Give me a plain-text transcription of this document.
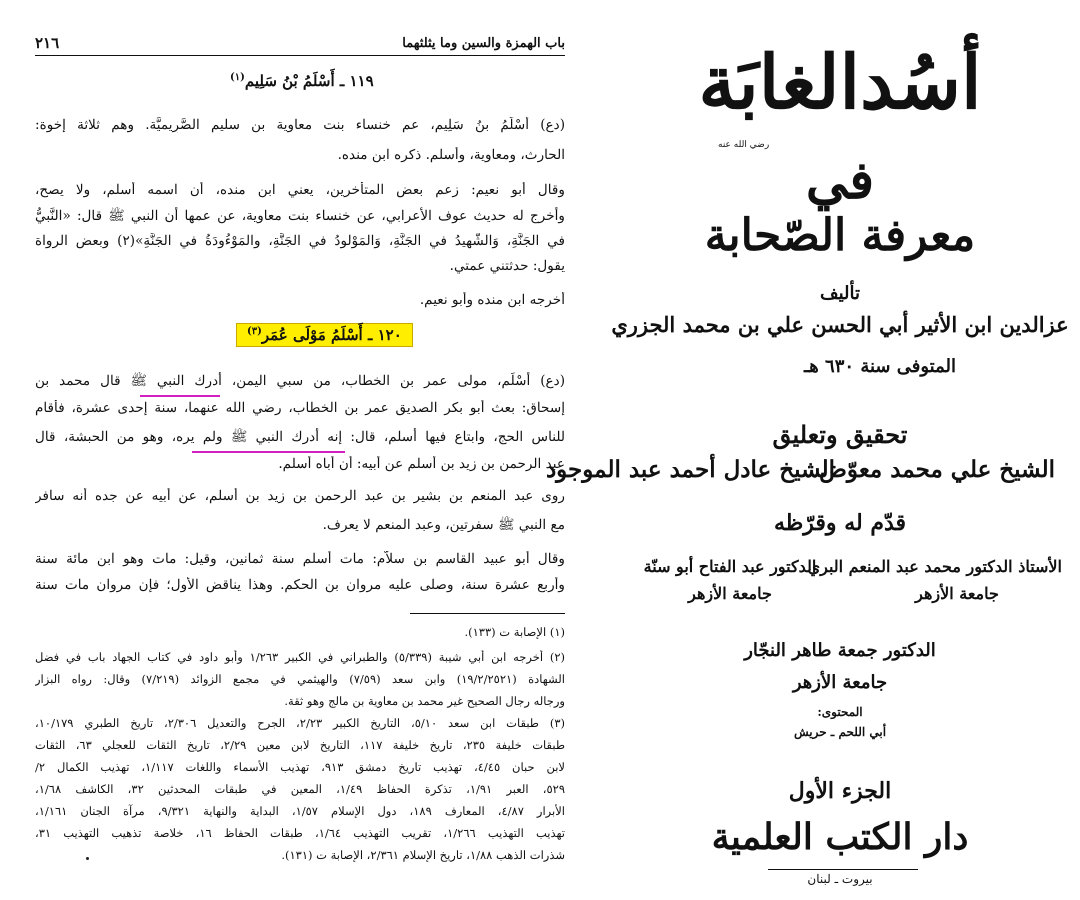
باب الهمزة والسين وما يثلثهما
٢١٦
١١٩ ـ أَسْلَمُ بْنُ سَلِيم$^{(١)}$
(دع) أَسْلَمُ بنُ سَلِيم، عم خنساء بنت معاوية بن سليم الصَّرِيميَّة. وهم ثلاثة إخوة:
الحارث، ومعاوية، وأسلم. ذكره ابن منده.
وقال أبو نعيم: زعم بعض المتأخرين، يعني ابن منده، أن اسمه أسلم، ولا يصح،
وأخرج له حديث عوف الأعرابي، عن خنساء بنت معاوية، عن عمها أن النبي ﷺ قال: «النَّبيُّ
في الجَنَّةِ، وَالشَّهِيدُ في الجَنَّةِ، وَالمَوْلودُ في الجَنَّةِ، والمَوْءُودَةُ في الجَنَّةِ»(٢) وبعض الرواة
يقول: حدثتني عمتي.
أخرجه ابن منده وأبو نعيم.
١٢٠ ـ أَسْلَمُ مَوْلَى عُمَر$^{(٣)}$
(دع) أَسْلَم، مولى عمر بن الخطاب، من سبي اليمن، أدرك النبي ﷺ قال محمد بن
إسحاق: بعث أبو بكر الصديق عمر بن الخطاب، رضي الله عنهما، سنة إحدى عشرة، فأقام
للناس الحج، وابتاع فيها أسلم، قال: إنه أدرك النبي ﷺ ولم يره، وهو من الحبشة، قال
عبد الرحمن بن زيد بن أسلم عن أبيه: أن أباه أسلم.
روى عبد المنعم بن بشير بن عبد الرحمن بن زيد بن أسلم، عن أبيه عن جده أنه سافر
مع النبي ﷺ سفرتين، وعبد المنعم لا يعرف.
وقال أبو عبيد القاسم بن سلاّم: مات أسلم سنة ثمانين، وقيل: مات وهو ابن مائة سنة
وأربع عشرة سنة، وصلى عليه مروان بن الحكم. وهذا يناقض الأول؛ فإن مروان مات سنة
(١) الإصابة ت (١٣٣).
(٢) أخرجه ابن أبي شيبة (٥/٣٣٩) والطبراني في الكبير ١/٢٦٣ وأبو داود في كتاب الجهاد باب في فضل
الشهادة (١٩/٢/٢٥٢١) وابن سعد (٧/٥٩) والهيثمي في مجمع الزوائد (٧/٢١٩) وقال: رواه البزار
ورجاله رجال الصحيح غير محمد بن معاوية بن مالج وهو ثقة.
(٣) طبقات ابن سعد ٥/١٠، التاريخ الكبير ٢/٢٣، الجرح والتعديل ٢/٣٠٦، تاريخ الطبري ١٠/١٧٩،
طبقات خليفة ٢٣٥، تاريخ خليفة ١١٧، التاريخ لابن معين ٢/٢٩، تاريخ الثقات للعجلي ٦٣، الثقات
لابن حبان ٤/٤٥، تهذيب تاريخ دمشق ٩١٣، تهذيب الأسماء واللغات ١/١١٧، تهذيب الكمال ٢/
٥٢٩، العبر ١/٩١، تذكرة الحفاظ ١/٤٩، المعين في طبقات المحدثين ٣٢، الكاشف ١/٦٨،
الأبرار ٤/٨٧، المعارف ١٨٩، دول الإسلام ١/٥٧، البداية والنهاية ٩/٣٢١، مرآة الجنان ١/١٦١،
تهذيب التهذيب ١/٢٦٦، تقريب التهذيب ١/٦٤، طبقات الحفاظ ١٦، خلاصة تذهيب التهذيب ٣١،
شذرات الذهب ١/٨٨، تاريخ الإسلام ٢/٣٦١، الإصابة ت (١٣١).
أسُدالغابَة
رضي الله عنه
في
معرفة الصّحابة
تأليف
عزالدين ابن الأثير أبي الحسن علي بن محمد الجزري
المتوفى سنة ٦٣٠ هـ
تحقيق وتعليق
الشيخ علي محمد معوّض
الشيخ عادل أحمد عبد الموجود
قدّم له وقرّظه
الأستاذ الدكتور محمد عبد المنعم البري
جامعة الأزهر
الدكتور عبد الفتاح أبو سنّة
جامعة الأزهر
الدكتور جمعة طاهر النجّار
جامعة الأزهر
المحتوى:
أبي اللحم ـ حريش
الجزء الأول
دار الكتب العلمية
بيروت ـ لبنان
